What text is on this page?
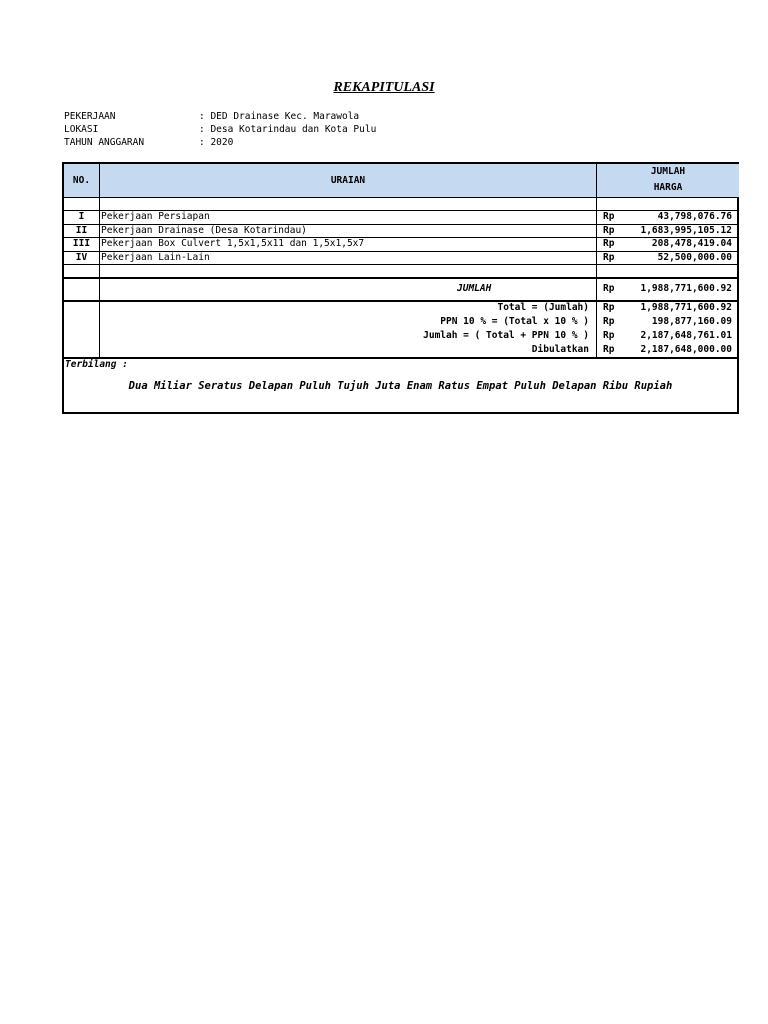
REKAPITULASI
PEKERJAAN	: DED Drainase Kec. Marawola
LOKASI	: Desa Kotarindau dan Kota Pulu
TAHUN ANGGARAN	: 2020
NO.	URAIAN
JUMLAH
HARGA
I	Pekerjaan Persiapan	Rp	43,798,076.76
II	Pekerjaan Drainase (Desa Kotarindau)	Rp	1,683,995,105.12
III	Pekerjaan Box Culvert 1,5x1,5x11 dan 1,5x1,5x7	Rp	208,478,419.04
IV	Pekerjaan Lain-Lain	Rp	52,500,000.00
JUMLAH	Rp	1,988,771,600.92
Total = (Jumlah) Rp	1,988,771,600.92
PPN 10 % = (Total x 10 % ) Rp	198,877,160.09
Jumlah = ( Total + PPN 10 % ) Rp	2,187,648,761.01
Dibulatkan Rp	2,187,648,000.00
Terbilang :
Dua Miliar Seratus Delapan Puluh Tujuh Juta Enam Ratus Empat Puluh Delapan Ribu Rupiah
